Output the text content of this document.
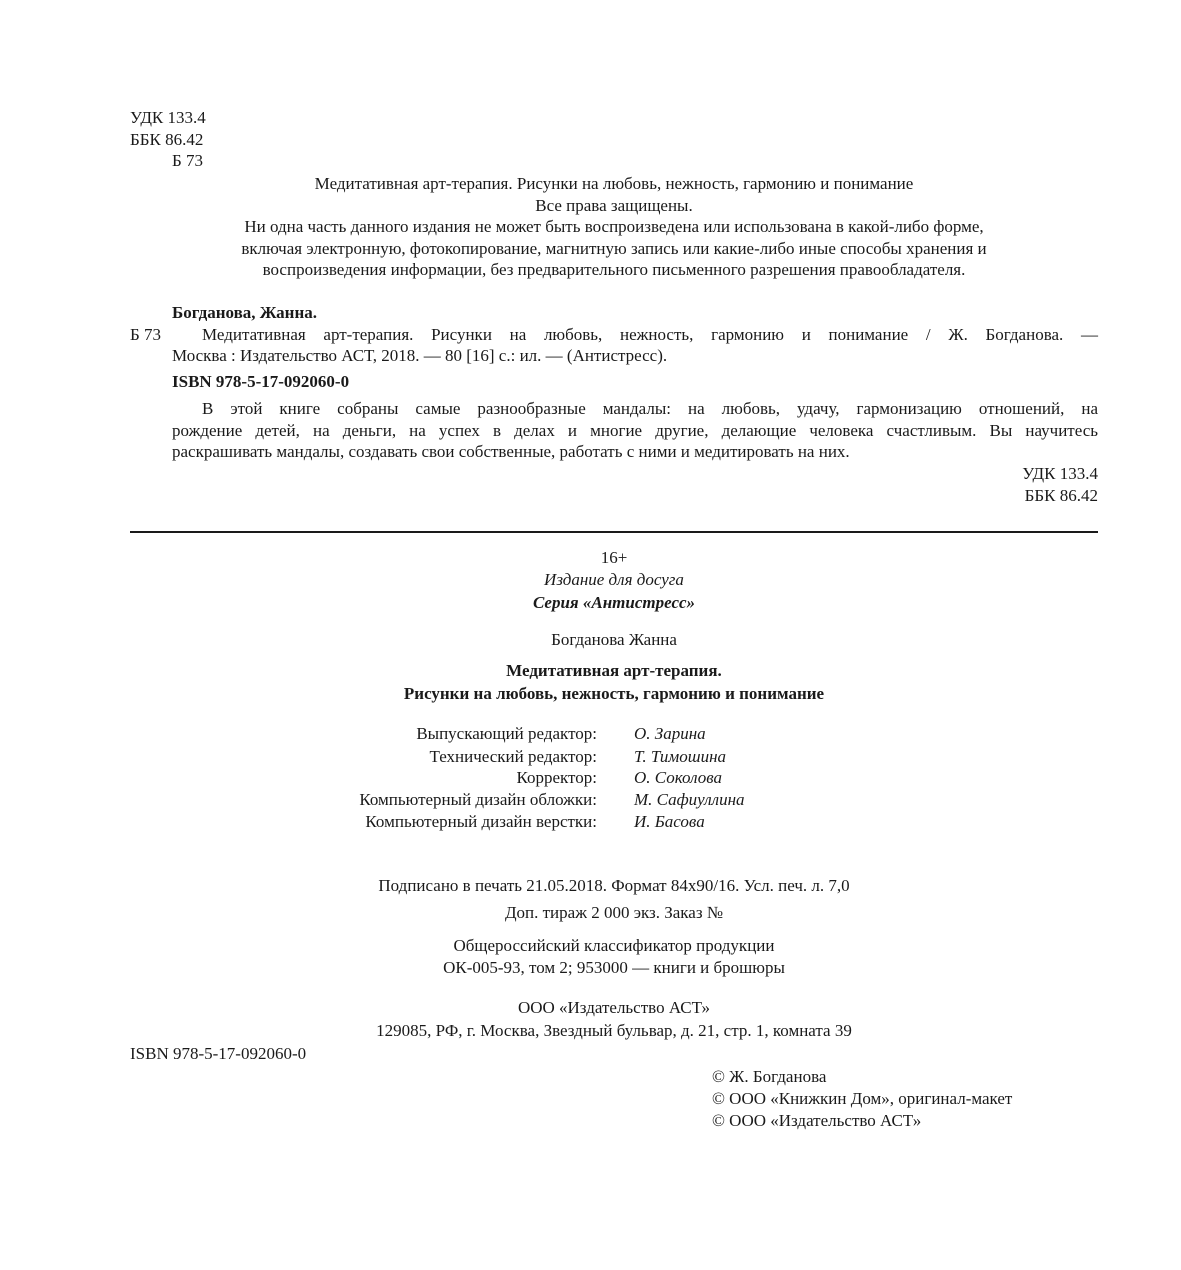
УДК 133.4
ББК 86.42
Б 73
Медитативная арт-терапия. Рисунки на любовь, нежность, гармонию и понимание
Все права защищены.
Ни одна часть данного издания не может быть воспроизведена или использована в какой-либо форме,
включая электронную, фотокопирование, магнитную запись или какие-либо иные способы хранения и
воспроизведения информации, без предварительного письменного разрешения правообладателя.
Богданова, Жанна.
Б 73 Медитативная арт-терапия. Рисунки на любовь, нежность, гармонию и понимание / Ж. Богданова. —
Москва : Издательство АСТ, 2018. — 80 [16] с.: ил. — (Антистресс).
ISBN 978-5-17-092060-0
В этой книге собраны самые разнообразные мандалы: на любовь, удачу, гармонизацию отношений, на
рождение детей, на деньги, на успех в делах и многие другие, делающие человека счастливым. Вы научитесь
раскрашивать мандалы, создавать свои собственные, работать с ними и медитировать на них.
УДК 133.4
ББК 86.42
16+
Издание для досуга
Серия «Антистресс»
Богданова Жанна
Медитативная арт-терапия.
Рисунки на любовь, нежность, гармонию и понимание
Выпускающий редактор: О. Зарина
Технический редактор: Т. Тимошина
Корректор: О. Соколова
Компьютерный дизайн обложки: М. Сафиуллина
Компьютерный дизайн верстки: И. Басова
Подписано в печать 21.05.2018. Формат 84х90/16. Усл. печ. л. 7,0
Доп. тираж 2 000 экз. Заказ №
Общероссийский классификатор продукции
ОК-005-93, том 2; 953000 — книги и брошюры
ООО «Издательство АСТ»
129085, РФ, г. Москва, Звездный бульвар, д. 21, стр. 1, комната 39
ISBN 978-5-17-092060-0
© Ж. Богданова
© ООО «Книжкин Дом», оригинал-макет
© ООО «Издательство АСТ»
